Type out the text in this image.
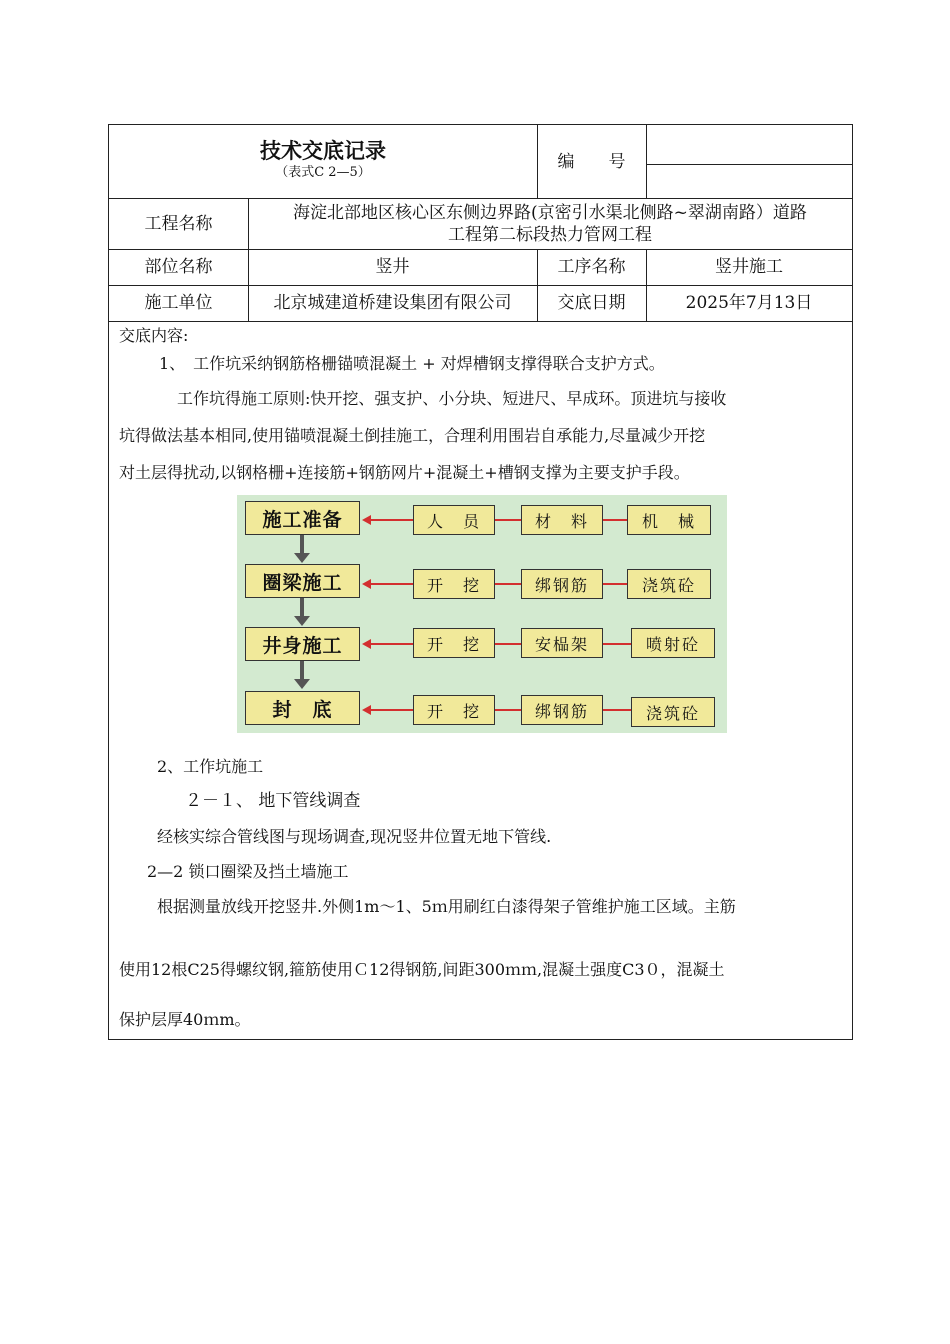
技术交底记录
（表式C 2—5）
编　　号
工程名称
海淀北部地区核心区东侧边界路(京密引水渠北侧路~翠湖南路）道路
工程第二标段热力管网工程
部位名称	竖井	工序名称	竖井施工
施工单位	北京城建道桥建设集团有限公司	交底日期	2025年7月13日
交底内容:
1、　工作坑采纳钢筋格栅锚喷混凝土 + 对焊槽钢支撑得联合支护方式。
工作坑得施工原则:快开挖、强支护、小分块、短进尺、早成环。顶进坑与接收
坑得做法基本相同,使用锚喷混凝土倒挂施工，合理利用围岩自承能力,尽量减少开挖
对土层得扰动,以钢格栅+连接筋+钢筋网片+混凝土+槽钢支撑为主要支护手段。
施工准备	人　员	材　料	机　械
圈梁施工	开　挖	绑钢筋	浇筑砼
井身施工	开　挖	安榀架	喷射砼
封　底	开　挖	绑钢筋	浇筑砼
2、工作坑施工
２－１、 地下管线调查
经核实综合管线图与现场调查,现况竖井位置无地下管线.
2—2 锁口圈梁及挡土墙施工
根据测量放线开挖竖井.外侧1m～1、5ｍ用刷红白漆得架子管维护施工区域。主筋
使用12根C25得螺纹钢,箍筋使用Ｃ12得钢筋,间距300ｍｍ,混凝土强度C3０，混凝土
保护层厚40ｍm。
